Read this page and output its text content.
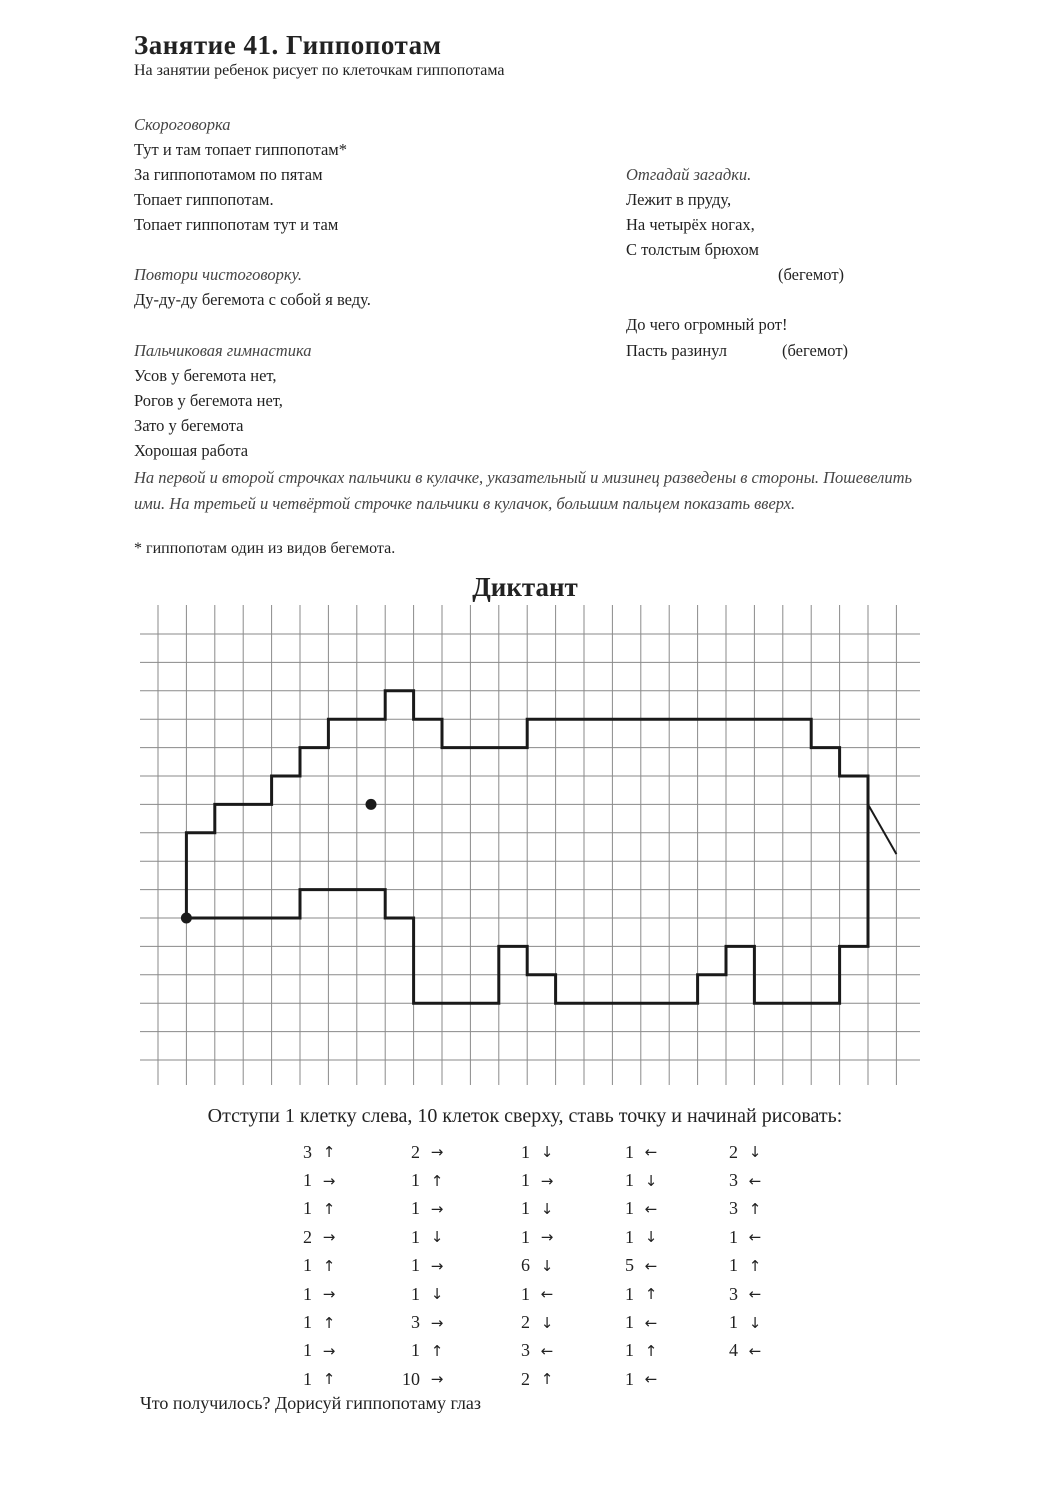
Занятие 41. Гиппопотам
На занятии ребенок рисует по клеточкам гиппопотама
Скороговорка
Тут и там топает гиппопотам*
За гиппопотамом по пятам
Топает гиппопотам.
Топает гиппопотам тут и там
Повтори чистоговорку.
Ду-ду-ду бегемота с собой я веду.
Пальчиковая гимнастика
Усов у бегемота нет,
Рогов у бегемота нет,
Зато у бегемота
Хорошая работа
Отгадай загадки.
Лежит в пруду,
На четырёх ногах,
С толстым брюхом
(бегемот)
До чего огромный рот!
Пасть разинул	(бегемот)
На первой и второй строчках пальчики в кулачке, указательный и мизинец разведены в стороны. Пошевелить ими. На третьей и четвёртой строчке пальчики в кулачок, большим пальцем показать вверх.
* гиппопотам один из видов бегемота.
Диктант
Отступи 1 клетку слева, 10 клеток сверху, ставь точку и начинай рисовать:
3 ↑
1 →
1 ↑
2 →
1 ↑
1 →
1 ↑
1 →
1 ↑
2 →
1 ↑
1 →
1 ↓
1 →
1 ↓
3 →
1 ↑
10 →
1 ↓
1 →
1 ↓
1 →
6 ↓
1 ←
2 ↓
3 ←
2 ↑
1 ←
1 ↓
1 ←
1 ↓
5 ←
1 ↑
1 ←
1 ↑
1 ←
2 ↓
3 ←
3 ↑
1 ←
1 ↑
3 ←
1 ↓
4 ←
Что получилось? Дорисуй гиппопотаму глаз
